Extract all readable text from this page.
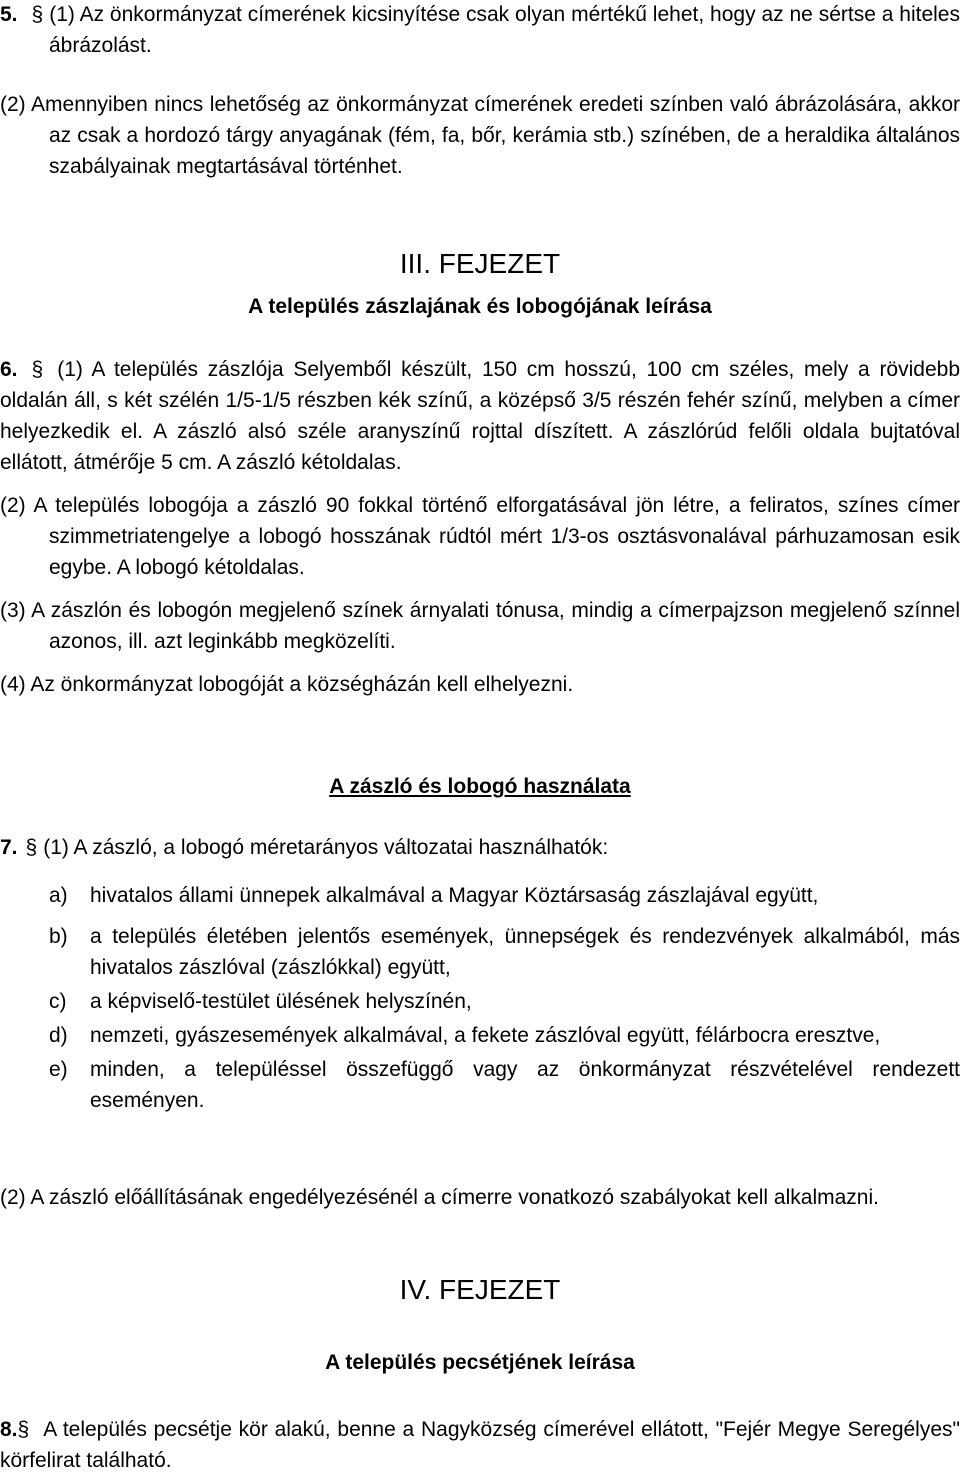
5. § (1) Az önkormányzat címerének kicsinyítése csak olyan mértékű lehet, hogy az ne sértse a hiteles ábrázolást.

(2) Amennyiben nincs lehetőség az önkormányzat címerének eredeti színben való ábrázolására, akkor az csak a hordozó tárgy anyagának (fém, fa, bőr, kerámia stb.) színében, de a heraldika általános szabályainak megtartásával történhet.

III. FEJEZET
A település zászlajának és lobogójának leírása

6. § (1) A település zászlója Selyemből készült, 150 cm hosszú, 100 cm széles, mely a rövidebb oldalán áll, s két szélén 1/5-1/5 részben kék színű, a középső 3/5 részén fehér színű, melyben a címer helyezkedik el. A zászló alsó széle aranyszínű rojttal díszített. A zászlórúd felőli oldala bujtatóval ellátott, átmérője 5 cm. A zászló kétoldalas.

(2) A település lobogója a zászló 90 fokkal történő elforgatásával jön létre, a feliratos, színes címer szimmetriatengelye a lobogó hosszának rúdtól mért 1/3-os osztásvonalával párhuzamosan esik egybe. A lobogó kétoldalas.

(3) A zászlón és lobogón megjelenő színek árnyalati tónusa, mindig a címerpajzson megjelenő színnel azonos, ill. azt leginkább megközelíti.

(4) Az önkormányzat lobogóját a községházán kell elhelyezni.

A zászló és lobogó használata

7. § (1) A zászló, a lobogó méretarányos változatai használhatók:

a) hivatalos állami ünnepek alkalmával a Magyar Köztársaság zászlajával együtt,

b) a település életében jelentős események, ünnepségek és rendezvények alkalmából, más hivatalos zászlóval (zászlókkal) együtt,

c) a képviselő-testület ülésének helyszínén,

d) nemzeti, gyászesemények alkalmával, a fekete zászlóval együtt, félárbocra eresztve,

e) minden, a településsel összefüggő vagy az önkormányzat részvételével rendezett eseményen.

(2) A zászló előállításának engedélyezésénél a címerre vonatkozó szabályokat kell alkalmazni.

IV. FEJEZET
A település pecsétjének leírása

8.§ A település pecsétje kör alakú, benne a Nagyközség címerével ellátott, "Fejér Megye Seregélyes" körfelirat található.
